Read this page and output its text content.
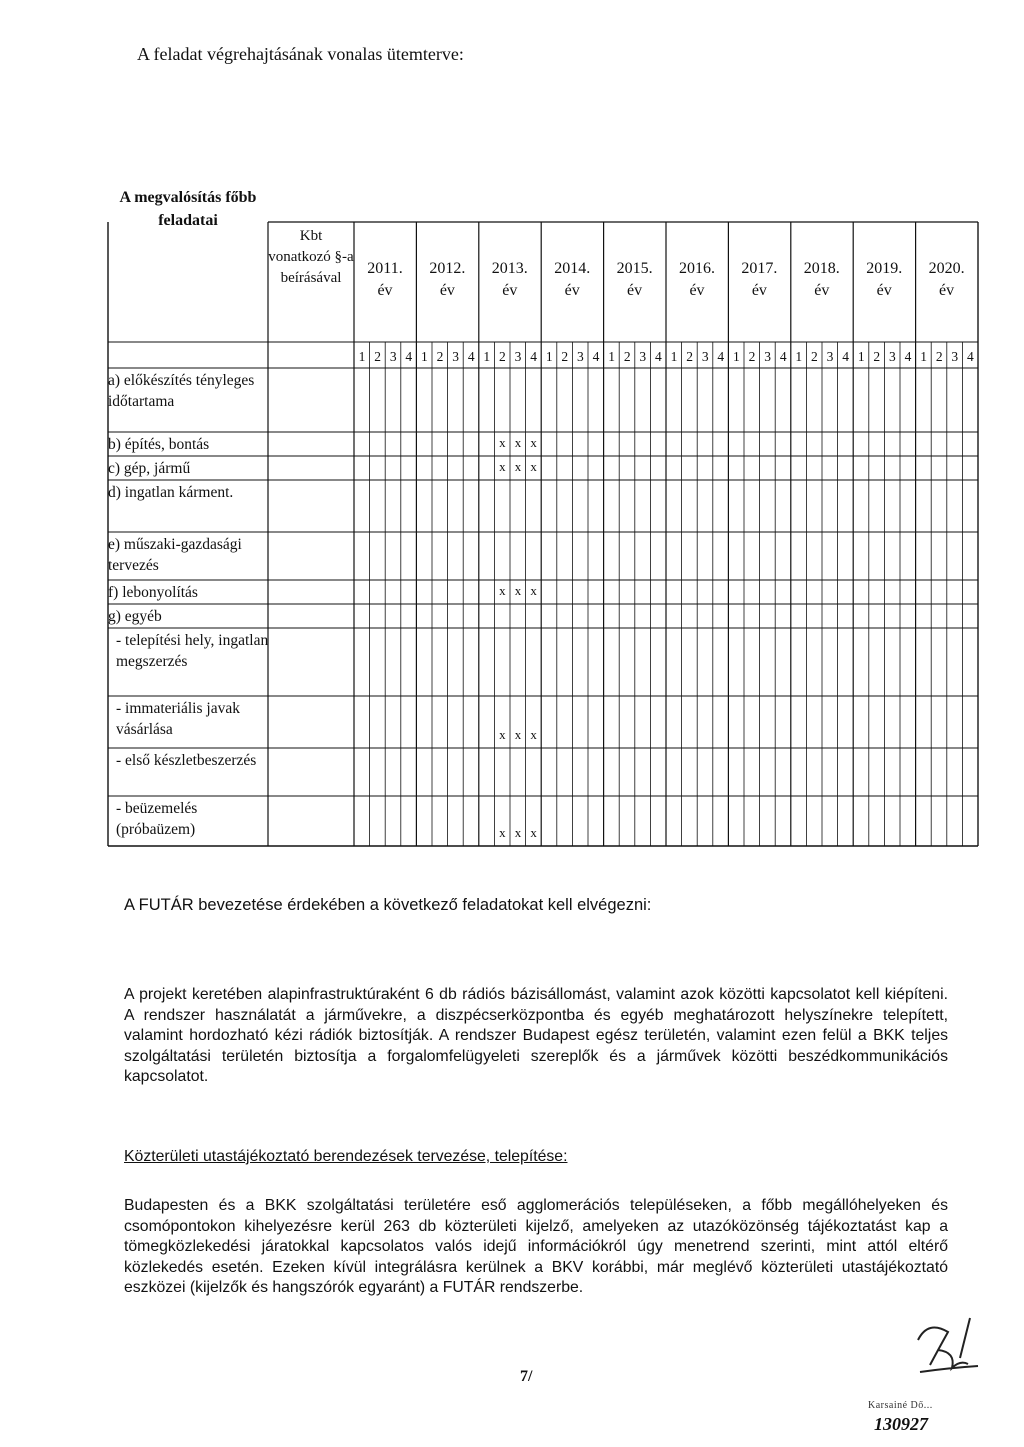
A feladat végrehajtásának vonalas ütemterve:
A megvalósítás főbb feladatai
Kbt vonatkozó §-a beírásával
2011.
év
2012.
év
2013.
év
2014.
év
2015.
év
2016.
év
2017.
év
2018.
év
2019.
év
2020.
év
1 2 3 4 1 2 3 4 1 2 3 4 1 2 3 4 1 2 3 4 1 2 3 4 1 2 3 4 1 2 3 4 1 2 3 4 1 2 3 4
a) előkészítés tényleges időtartama
b) építés, bontás
c) gép, jármű
d) ingatlan kárment.
e) műszaki-gazdasági tervezés
f) lebonyolítás
g) egyéb
- telepítési hely, ingatlan megszerzés
- immateriális javak vásárlása
- első készletbeszerzés
- beüzemelés (próbaüzem)
x x x
x x x
x x x
x x x
x x x
A FUTÁR bevezetése érdekében a következő feladatokat kell elvégezni:
A projekt keretében alapinfrastruktúraként 6 db rádiós bázisállomást, valamint azok közötti kapcsolatot kell kiépíteni. A rendszer használatát a járművekre, a diszpécserközpontba és egyéb meghatározott helyszínekre telepített, valamint hordozható kézi rádiók biztosítják. A rendszer Budapest egész területén, valamint ezen felül a BKK teljes szolgáltatási területén biztosítja a forgalomfelügyeleti szereplők és a járművek közötti beszédkommunikációs kapcsolatot.
Közterületi utastájékoztató berendezések tervezése, telepítése:
Budapesten és a BKK szolgáltatási területére eső agglomerációs településeken, a főbb megállóhelyeken és csomópontokon kihelyezésre kerül 263 db közterületi kijelző, amelyeken az utazóközönség tájékoztatást kap a tömegközlekedési járatokkal kapcsolatos valós idejű információkról úgy menetrend szerinti, mint attól eltérő közlekedés esetén. Ezeken kívül integrálásra kerülnek a BKV korábbi, már meglévő közterületi utastájékoztató eszközei (kijelzők és hangszórók egyaránt) a FUTÁR rendszerbe.
7/
Karsainé Dő...
130927
